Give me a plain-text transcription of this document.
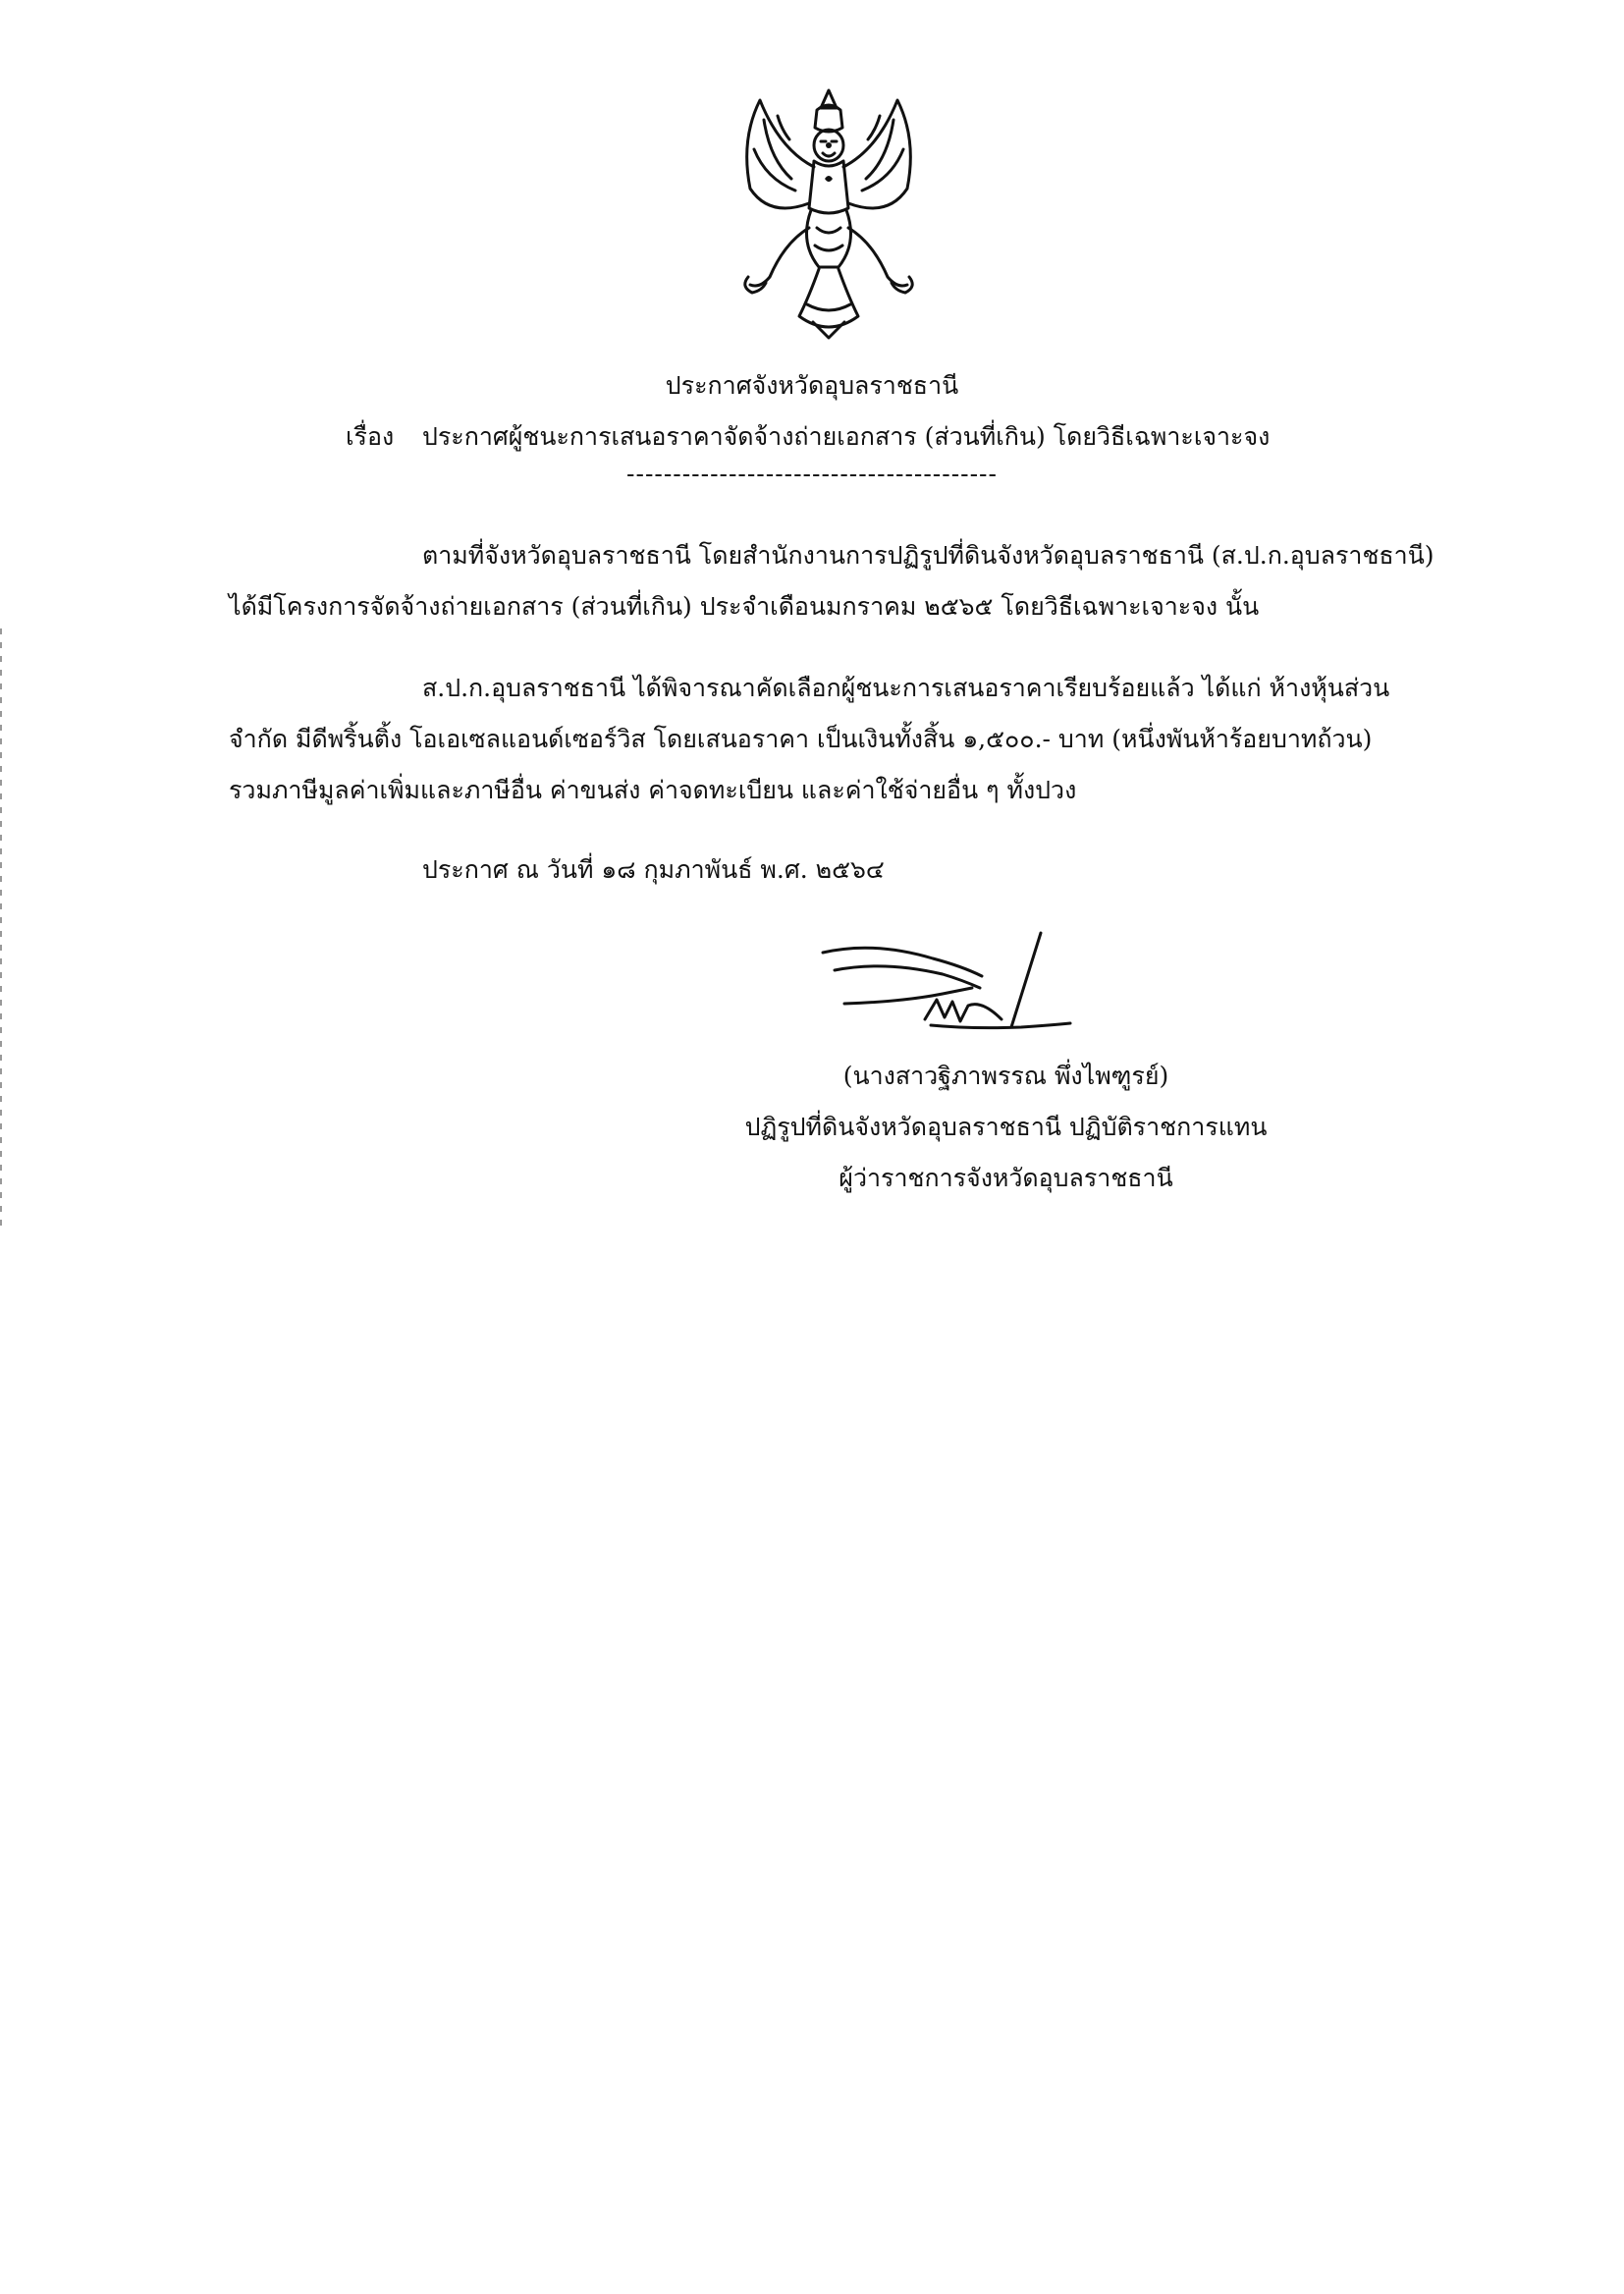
ประกาศจังหวัดอุบลราชธานี
เรื่อง ประกาศผู้ชนะการเสนอราคาจัดจ้างถ่ายเอกสาร (ส่วนที่เกิน) โดยวิธีเฉพาะเจาะจง
----------------------------------------
ตามที่จังหวัดอุบลราชธานี โดยสำนักงานการปฏิรูปที่ดินจังหวัดอุบลราชธานี (ส.ป.ก.อุบลราชธานี)
ได้มีโครงการจัดจ้างถ่ายเอกสาร (ส่วนที่เกิน) ประจำเดือนมกราคม ๒๕๖๕ โดยวิธีเฉพาะเจาะจง นั้น
ส.ป.ก.อุบลราชธานี ได้พิจารณาคัดเลือกผู้ชนะการเสนอราคาเรียบร้อยแล้ว ได้แก่ ห้างหุ้นส่วน
จำกัด มีดีพริ้นติ้ง โอเอเซลแอนด์เซอร์วิส โดยเสนอราคา เป็นเงินทั้งสิ้น ๑,๕๐๐.- บาท (หนึ่งพันห้าร้อยบาทถ้วน)
รวมภาษีมูลค่าเพิ่มและภาษีอื่น ค่าขนส่ง ค่าจดทะเบียน และค่าใช้จ่ายอื่น ๆ ทั้งปวง
ประกาศ ณ วันที่ ๑๘ กุมภาพันธ์ พ.ศ. ๒๕๖๔
(นางสาวฐิภาพรรณ พึ่งไพฑูรย์)
ปฏิรูปที่ดินจังหวัดอุบลราชธานี ปฏิบัติราชการแทน
ผู้ว่าราชการจังหวัดอุบลราชธานี
